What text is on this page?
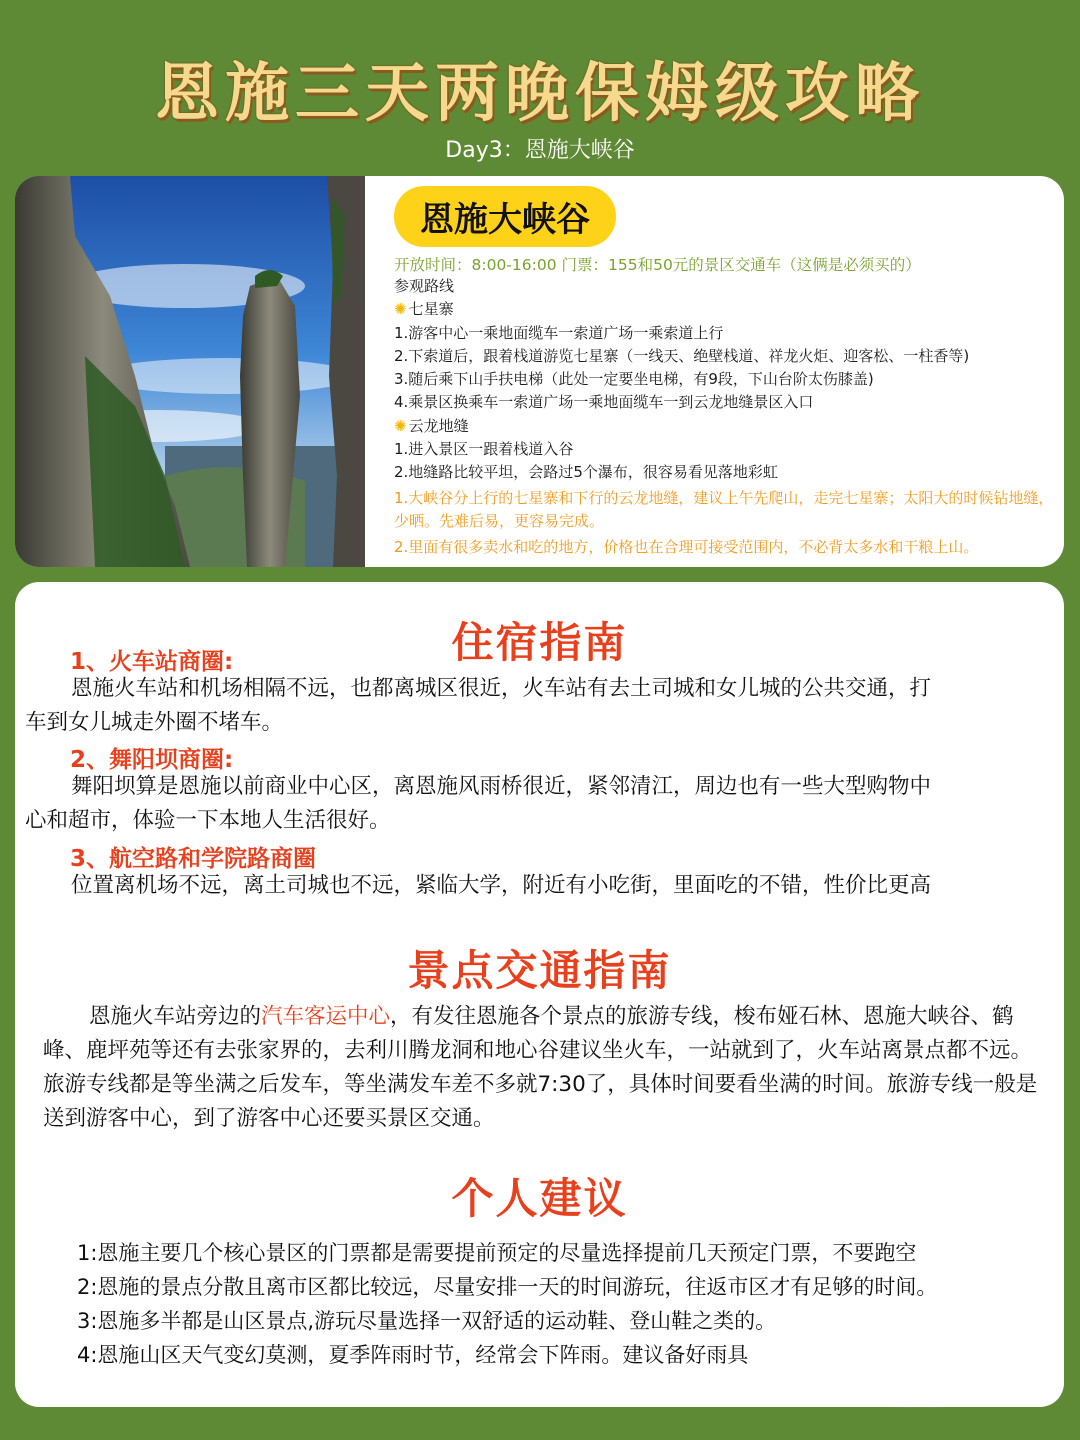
恩施三天两晚保姆级攻略
Day3：恩施大峡谷
恩施大峡谷
开放时间：8:00-16:00 门票：155和50元的景区交通车（这俩是必须买的）
参观路线
✺ 七星寨
1.游客中心一乘地面缆车一索道广场一乘索道上行
2.下索道后，跟着栈道游览七星寨（一线天、绝壁栈道、祥龙火炬、迎客松、一柱香等)
3.随后乘下山手扶电梯（此处一定要坐电梯，有9段，下山台阶太伤膝盖)
4.乘景区换乘车一索道广场一乘地面缆车一到云龙地缝景区入口
✺ 云龙地缝
1.进入景区一跟着栈道入谷
2.地缝路比较平坦，会路过5个瀑布，很容易看见落地彩虹
1.大峡谷分上行的七星寨和下行的云龙地缝，建议上午先爬山，走完七星寨；太阳大的时候钻地缝，少晒。先难后易，更容易完成。
2.里面有很多卖水和吃的地方，价格也在合理可接受范围内，不必背太多水和干粮上山。
住宿指南
1、火车站商圈:
恩施火车站和机场相隔不远，也都离城区很近，火车站有去土司城和女儿城的公共交通，打
车到女儿城走外圈不堵车。
2、舞阳坝商圈:
舞阳坝算是恩施以前商业中心区，离恩施风雨桥很近，紧邻清江，周边也有一些大型购物中
心和超市，体验一下本地人生活很好。
3、航空路和学院路商圈
位置离机场不远，离土司城也不远，紧临大学，附近有小吃街，里面吃的不错，性价比更高
景点交通指南
恩施火车站旁边的汽车客运中心，有发往恩施各个景点的旅游专线，梭布娅石林、恩施大峡谷、鹤峰、鹿坪苑等还有去张家界的，去利川腾龙洞和地心谷建议坐火车，一站就到了，火车站离景点都不远。旅游专线都是等坐满之后发车，等坐满发车差不多就7:30了，具体时间要看坐满的时间。旅游专线一般是送到游客中心，到了游客中心还要买景区交通。
个人建议
1:恩施主要几个核心景区的门票都是需要提前预定的尽量选择提前几天预定门票，不要跑空
2:恩施的景点分散且离市区都比较远，尽量安排一天的时间游玩，往返市区才有足够的时间。
3:恩施多半都是山区景点,游玩尽量选择一双舒适的运动鞋、登山鞋之类的。
4:恩施山区天气变幻莫测，夏季阵雨时节，经常会下阵雨。建议备好雨具
